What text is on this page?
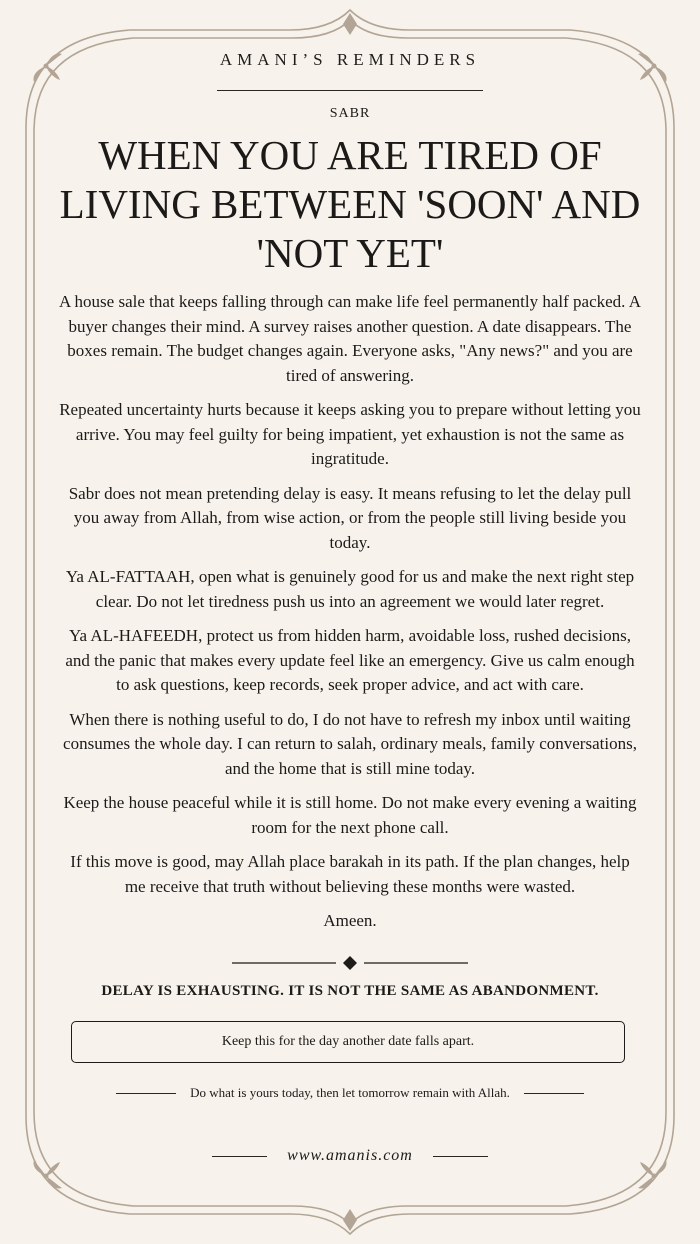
AMANI’S REMINDERS
SABR
WHEN YOU ARE TIRED OF LIVING BETWEEN 'SOON' AND 'NOT YET'

A house sale that keeps falling through can make life feel permanently half packed. A buyer changes their mind. A survey raises another question. A date disappears. The boxes remain. The budget changes again. Everyone asks, "Any news?" and you are tired of answering.

Repeated uncertainty hurts because it keeps asking you to prepare without letting you arrive. You may feel guilty for being impatient, yet exhaustion is not the same as ingratitude.

Sabr does not mean pretending delay is easy. It means refusing to let the delay pull you away from Allah, from wise action, or from the people still living beside you today.

Ya AL-FATTAAH, open what is genuinely good for us and make the next right step clear. Do not let tiredness push us into an agreement we would later regret.

Ya AL-HAFEEDH, protect us from hidden harm, avoidable loss, rushed decisions, and the panic that makes every update feel like an emergency. Give us calm enough to ask questions, keep records, seek proper advice, and act with care.

When there is nothing useful to do, I do not have to refresh my inbox until waiting consumes the whole day. I can return to salah, ordinary meals, family conversations, and the home that is still mine today.

Keep the house peaceful while it is still home. Do not make every evening a waiting room for the next phone call.

If this move is good, may Allah place barakah in its path. If the plan changes, help me receive that truth without believing these months were wasted.

Ameen.

DELAY IS EXHAUSTING. IT IS NOT THE SAME AS ABANDONMENT.
Keep this for the day another date falls apart.
Do what is yours today, then let tomorrow remain with Allah.
www.amanis.com
